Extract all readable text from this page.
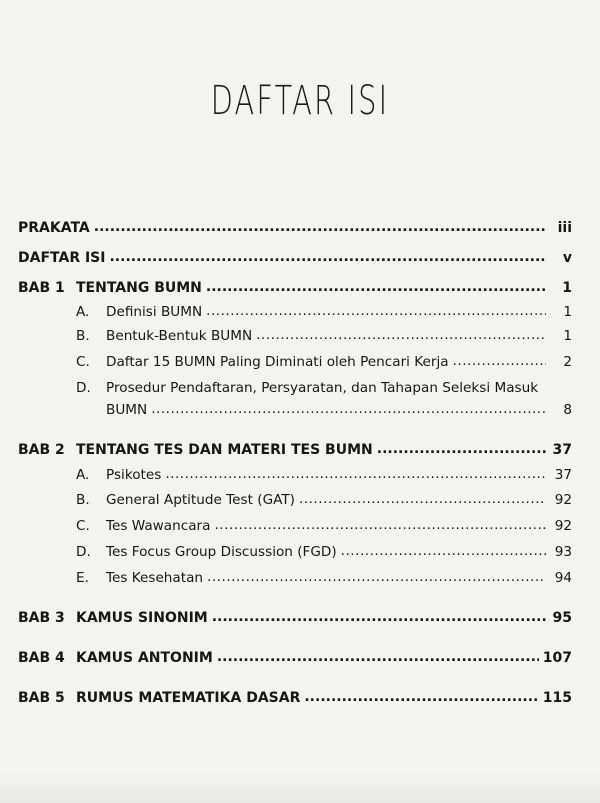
DAFTAR ISI
PRAKATA .....	iii
DAFTAR ISI .....	v
BAB 1 TENTANG BUMN .....	1
A.	Definisi BUMN .....	1
B.	Bentuk-Bentuk BUMN .....	1
C.	Daftar 15 BUMN Paling Diminati oleh Pencari Kerja .....	2
D.	Prosedur Pendaftaran, Persyaratan, dan Tahapan Seleksi Masuk
BUMN .....	8
BAB 2 TENTANG TES DAN MATERI TES BUMN .....	37
A.	Psikotes .....	37
B.	General Aptitude Test (GAT) .....	92
C.	Tes Wawancara .....	92
D.	Tes Focus Group Discussion (FGD) .....	93
E.	Tes Kesehatan .....	94
BAB 3 KAMUS SINONIM .....	95
BAB 4 KAMUS ANTONIM .....	107
BAB 5 RUMUS MATEMATIKA DASAR .....	115
